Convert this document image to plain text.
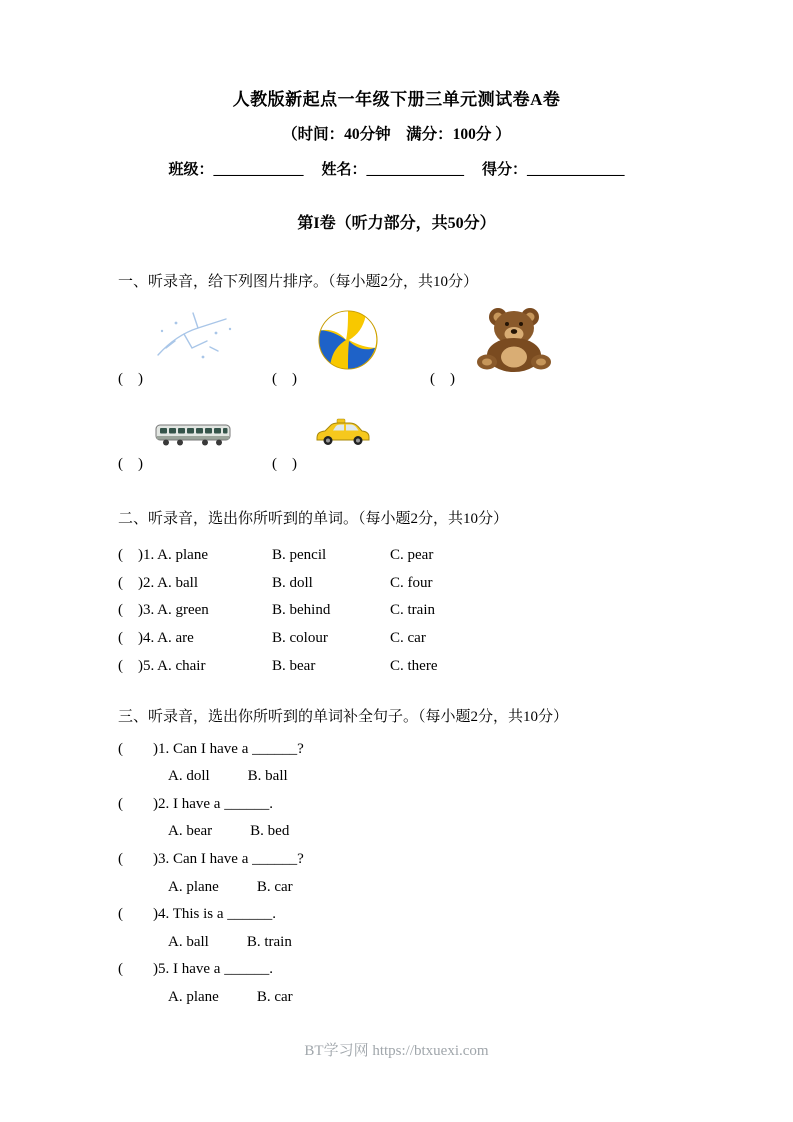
人教版新起点一年级下册三单元测试卷A卷
（时间：40分钟　满分：100分 ）
班级：____________ 姓名：_____________ 得分：_____________
第I卷（听力部分，共50分）
一、听录音，给下列图片排序。（每小题2分，共10分）
(　)	(　)	(　)
(　)	(　)
二、听录音，选出你所听到的单词。（每小题2分，共10分）
(　)1. A. plane	B. pencil	C. pear
(　)2. A. ball	B. doll	C. four
(　)3. A. green	B. behind	C. train
(　)4. A. are	B. colour	C. car
(　)5. A. chair	B. bear	C. there
三、听录音，选出你所听到的单词补全句子。（每小题2分，共10分）
(　　)1. Can I have a ______?
A. doll	B. ball
(　　)2. I have a ______.
A. bear	B. bed
(　　)3. Can I have a ______?
A. plane	B. car
(　　)4. This is a ______.
A. ball	B. train
(　　)5. I have a ______.
A. plane	B. car
BT学习网 https://btxuexi.com
